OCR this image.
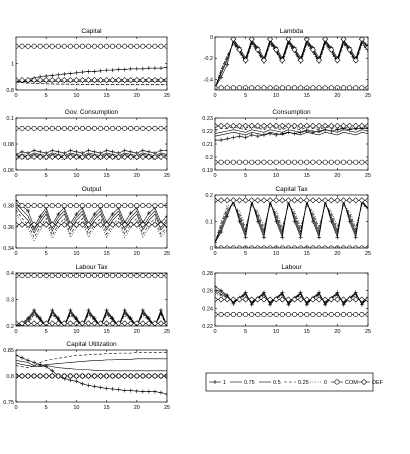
Capital
0	5	10	15	20	25
0.8
1
Lambda
0	5	10	15	20	25
-0.4
-0.2
0
Gov. Consumption
0	5	10	15	20	25
0.06
0.08
0.1
Consumption
0	5	10	15	20	25
0.19
0.2
0.21
0.22
0.23
Output
0	5	10	15	20	25
0.34
0.36
0.38
Capital Tax
0	5	10	15	20	25
0
0.1
0.2
Labour Tax
0	5	10	15	20	25
0.2
0.3
0.4
Labour
0	5	10	15	20	25
0.22
0.24
0.26
0.28
Capital Utilization
0	5	10	15	20	25
0.75
0.8
0.85
1	0.75	0.5	0.25	0	COM	DEF
